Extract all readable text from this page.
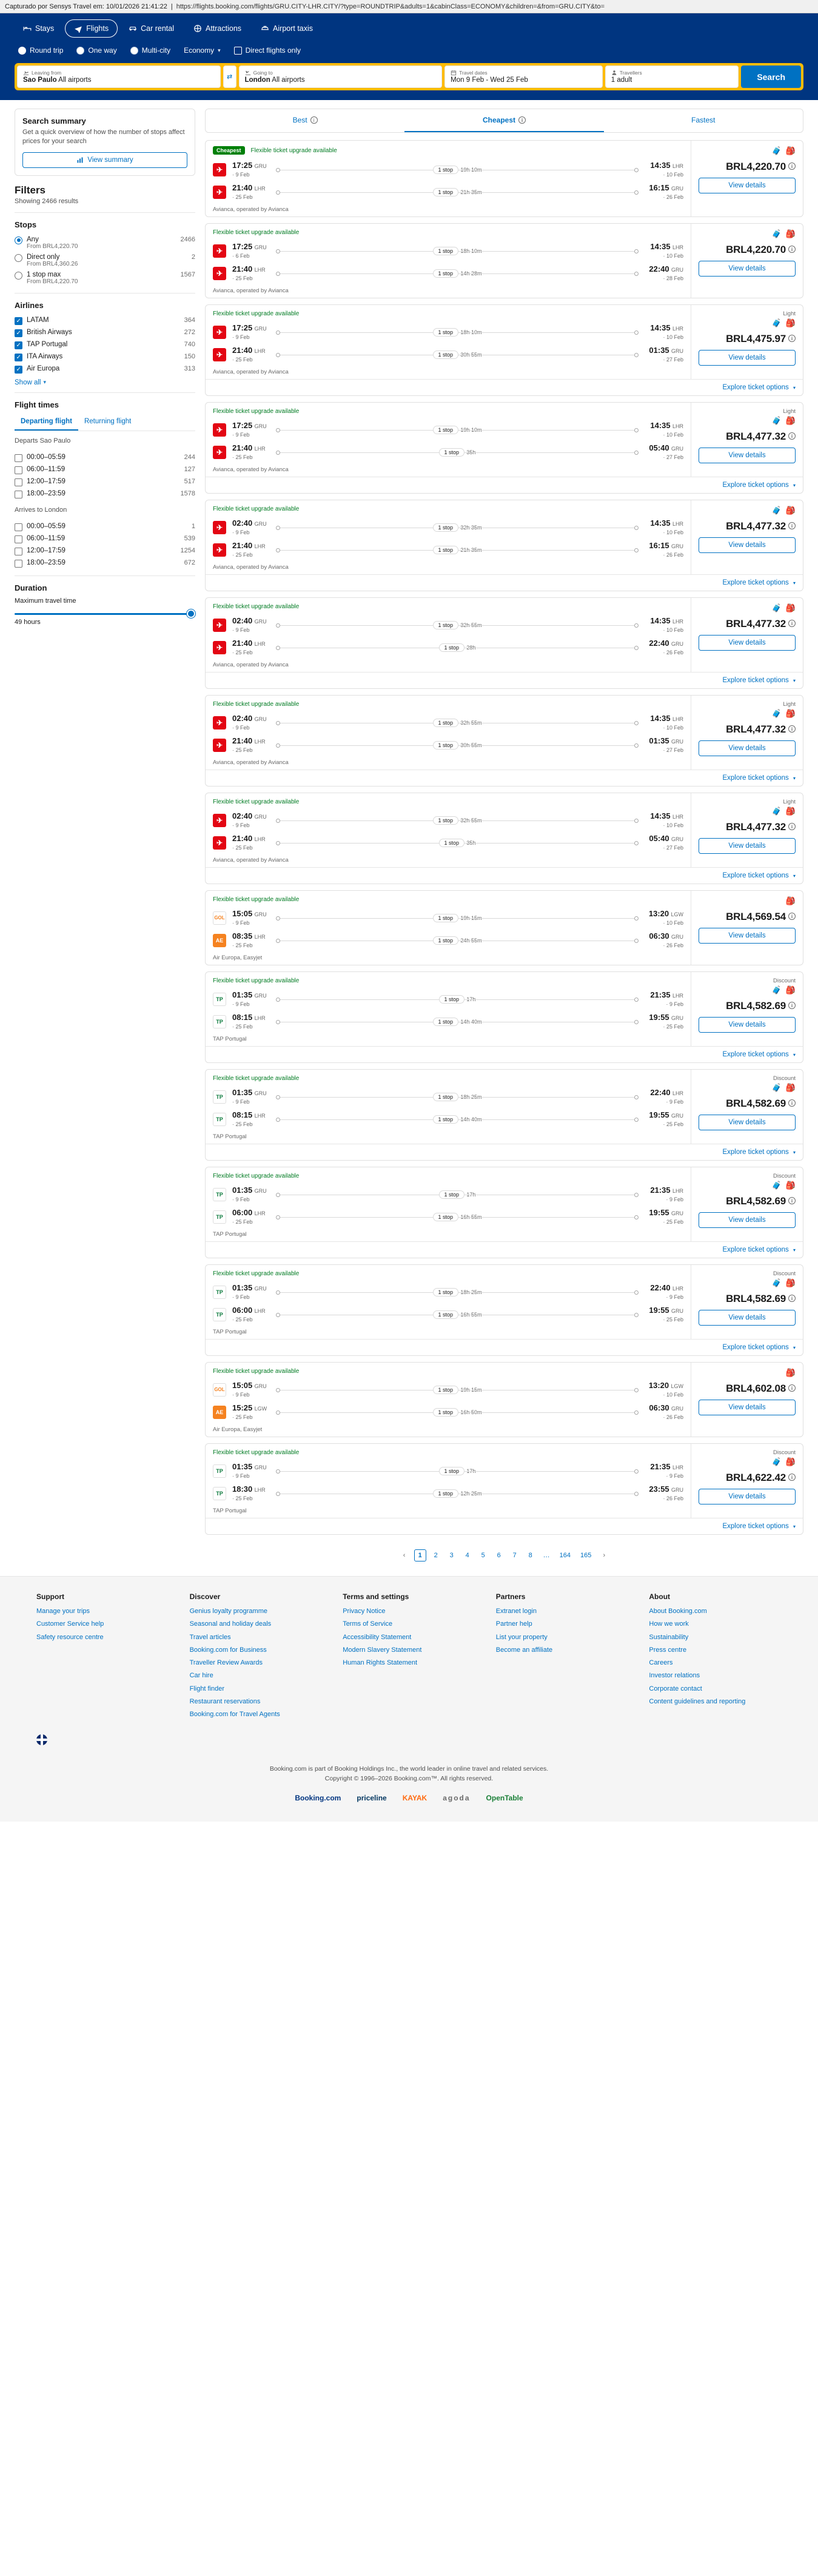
Capturado por Sensys Travel em: 10/01/2026 21:41:22 | https://flights.booking.com/flights/GRU.CITY-LHR.CITY/?type=ROUNDTRIP&adults=1&cabinClass=ECONOMY&children=&from=GRU.CITY&to=
Stays	Flights	Car rental	Attractions	Airport taxis
Round trip	One way	Multi-city Economy ▾	Direct flights only
Leaving from
Sao Paulo All airports	⇄
Going to
London All airports
Travel dates
Mon 9 Feb - Wed 25 Feb
Travellers
1 adult	Search
Search summary

Get a quick overview of how the number of stops affect prices for your search

View summary
Filters
Showing 2466 results
Stops
Any
From BRL4,220.70
2466
Direct only
From BRL4,360.26
2
1 stop max
From BRL4,220.70
1567
Airlines
✓
LATAM	364
✓
British Airways	272
✓
TAP Portugal	740
✓
ITA Airways	150
✓
Air Europa	313
Show all ▾
Flight times
Departing flight	Returning flight
Departs Sao Paulo
00:00–05:59	244
06:00–11:59	127
12:00–17:59	517
18:00–23:59	1578
Arrives to London
00:00–05:59	1
06:00–11:59	539
12:00–17:59	1254
18:00–23:59	672
Duration
Maximum travel time
49 hours
Best	i	Cheapest	i	Fastest
Cheapest	Flexible ticket upgrade available
✈
17:25 GRU · 9 Feb
1 stop	14:35 LHR · 10 Feb
✈
21:40 LHR · 25 Feb
1 stop	16:15 GRU · 26 Feb
Avianca, operated by Avianca
🧳 🎒
BRL4,220.70	i
View details
Flexible ticket upgrade available
✈
17:25 GRU · 6 Feb
1 stop	14:35 LHR · 10 Feb
✈
21:40 LHR · 25 Feb
1 stop	22:40 GRU · 28 Feb
Avianca, operated by Avianca
🧳 🎒
BRL4,220.70	i
View details
Flexible ticket upgrade available
✈
17:25 GRU · 9 Feb
1 stop	14:35 LHR · 10 Feb
✈
21:40 LHR · 25 Feb
1 stop	01:35 GRU · 27 Feb
Avianca, operated by Avianca
Light
🧳 🎒
BRL4,475.97	i
View details
Explore ticket options ▾
Flexible ticket upgrade available
✈
17:25 GRU · 9 Feb
1 stop	14:35 LHR · 10 Feb
✈
21:40 LHR · 25 Feb
1 stop	05:40 GRU · 27 Feb
Avianca, operated by Avianca
Light
🧳 🎒
BRL4,477.32	i
View details
Explore ticket options ▾
Flexible ticket upgrade available
✈
02:40 GRU · 9 Feb
1 stop	14:35 LHR · 10 Feb
✈
21:40 LHR · 25 Feb
1 stop	16:15 GRU · 26 Feb
Avianca, operated by Avianca
🧳 🎒
BRL4,477.32	i
View details
Explore ticket options ▾
Flexible ticket upgrade available
✈
02:40 GRU · 9 Feb
1 stop	14:35 LHR · 10 Feb
✈
21:40 LHR · 25 Feb
1 stop	22:40 GRU · 26 Feb
Avianca, operated by Avianca
🧳 🎒
BRL4,477.32	i
View details
Explore ticket options ▾
Flexible ticket upgrade available
✈
02:40 GRU · 9 Feb
1 stop	14:35 LHR · 10 Feb
✈
21:40 LHR · 25 Feb
1 stop	01:35 GRU · 27 Feb
Avianca, operated by Avianca
Light
🧳 🎒
BRL4,477.32	i
View details
Explore ticket options ▾
Flexible ticket upgrade available
✈
02:40 GRU · 9 Feb
1 stop	14:35 LHR · 10 Feb
✈
21:40 LHR · 25 Feb
1 stop	05:40 GRU · 27 Feb
Avianca, operated by Avianca
Light
🧳 🎒
BRL4,477.32	i
View details
Explore ticket options ▾
Flexible ticket upgrade available
GOL 15:05 GRU · 9 Feb
1 stop	13:20 LGW · 10 Feb
AE	08:35 LHR · 25 Feb
1 stop	06:30 GRU · 26 Feb
Air Europa, Easyjet
🎒
BRL4,569.54	i
View details
Flexible ticket upgrade available
TP	01:35 GRU · 9 Feb
1 stop	21:35 LHR · 9 Feb
TP	08:15 LHR · 25 Feb
1 stop	19:55 GRU · 25 Feb
TAP Portugal
Discount
🧳 🎒
BRL4,582.69	i
View details
Explore ticket options ▾
Flexible ticket upgrade available
TP	01:35 GRU · 9 Feb
1 stop	22:40 LHR · 9 Feb
TP	08:15 LHR · 25 Feb
1 stop	19:55 GRU · 25 Feb
TAP Portugal
Discount
🧳 🎒
BRL4,582.69	i
View details
Explore ticket options ▾
Flexible ticket upgrade available
TP	01:35 GRU · 9 Feb
1 stop	21:35 LHR · 9 Feb
TP	06:00 LHR · 25 Feb
1 stop	19:55 GRU · 25 Feb
TAP Portugal
Discount
🧳 🎒
BRL4,582.69	i
View details
Explore ticket options ▾
Flexible ticket upgrade available
TP	01:35 GRU · 9 Feb
1 stop	22:40 LHR · 9 Feb
TP	06:00 LHR · 25 Feb
1 stop	19:55 GRU · 25 Feb
TAP Portugal
Discount
🧳 🎒
BRL4,582.69	i
View details
Explore ticket options ▾
Flexible ticket upgrade available
GOL 15:05 GRU · 9 Feb
1 stop	13:20 LGW · 10 Feb
AE	15:25 LGW · 25 Feb
1 stop	06:30 GRU · 26 Feb
Air Europa, Easyjet
🎒
BRL4,602.08	i
View details
Flexible ticket upgrade available
TP	01:35 GRU · 9 Feb
1 stop	21:35 LHR · 9 Feb
TP	18:30 LHR · 25 Feb
1 stop	23:55 GRU · 26 Feb
TAP Portugal
Discount
🧳 🎒
BRL4,622.42	i
View details
Explore ticket options ▾
‹	1	2	3	4	5	6	7	8	…	164	165	›
Support
Manage your trips
Customer Service help
Safety resource centre
Discover
Genius loyalty programme
Seasonal and holiday deals
Travel articles
Booking.com for Business
Traveller Review Awards
Car hire
Flight finder
Restaurant reservations
Booking.com for Travel Agents
Terms and settings
Privacy Notice
Terms of Service
Accessibility Statement
Modern Slavery Statement
Human Rights Statement
Partners
Extranet login
Partner help
List your property
Become an affiliate
About
About Booking.com
How we work
Sustainability
Press centre
Careers
Investor relations
Corporate contact
Content guidelines and reporting
Booking.com is part of Booking Holdings Inc., the world leader in online travel and related services.
Copyright © 1996–2026 Booking.com™. All rights reserved.
Booking.com priceline KAYAK agoda OpenTable
